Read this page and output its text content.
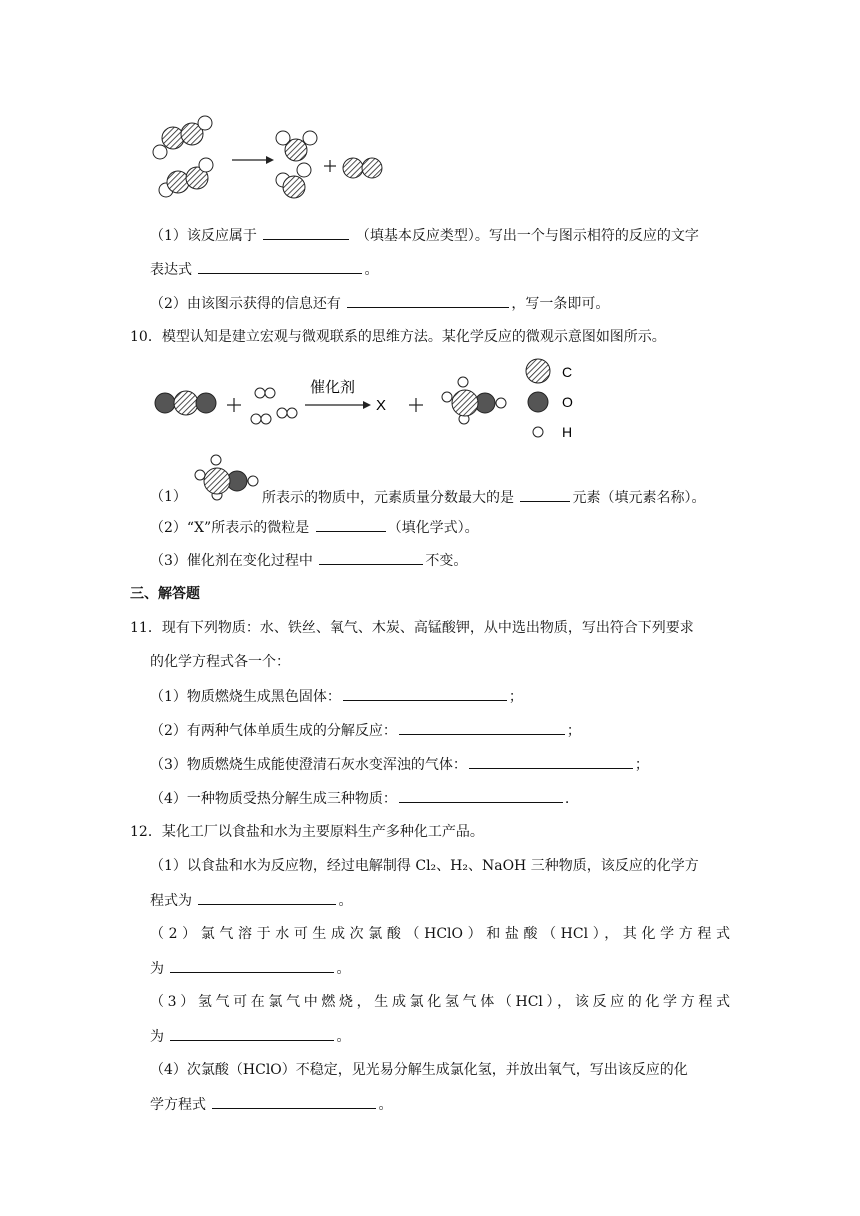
（1）该反应属于	（填基本反应类型）。写出一个与图示相符的反应的文字
表达式	。
（2）由该图示获得的信息还有	，写一条即可。
10．模型认知是建立宏观与微观联系的思维方法。某化学反应的微观示意图如图所示。
催化剂
X
C
O
H
（1）	所表示的物质中，元素质量分数最大的是	元素（填元素名称）。
（2）“X”所表示的微粒是	（填化学式）。
（3）催化剂在变化过程中	不变。
三、解答题
11．现有下列物质：水、铁丝、氧气、木炭、高锰酸钾，从中选出物质，写出符合下列要求
的化学方程式各一个：
（1）物质燃烧生成黑色固体：	；
（2）有两种气体单质生成的分解反应：	；
（3）物质燃烧生成能使澄清石灰水变浑浊的气体：	；
（4）一种物质受热分解生成三种物质：	.
12．某化工厂以食盐和水为主要原料生产多种化工产品。
（1）以食盐和水为反应物，经过电解制得 Cl₂、H₂、NaOH 三种物质，该反应的化学方
程式为	。
（2）氯气溶于水可生成次氯酸（HClO）和盐酸（HCl），其化学方程式
为	。
（3）氢气可在氯气中燃烧，生成氯化氢气体（HCl），该反应的化学方程式
为	。
（4）次氯酸（HClO）不稳定，见光易分解生成氯化氢，并放出氧气，写出该反应的化
学方程式	。
